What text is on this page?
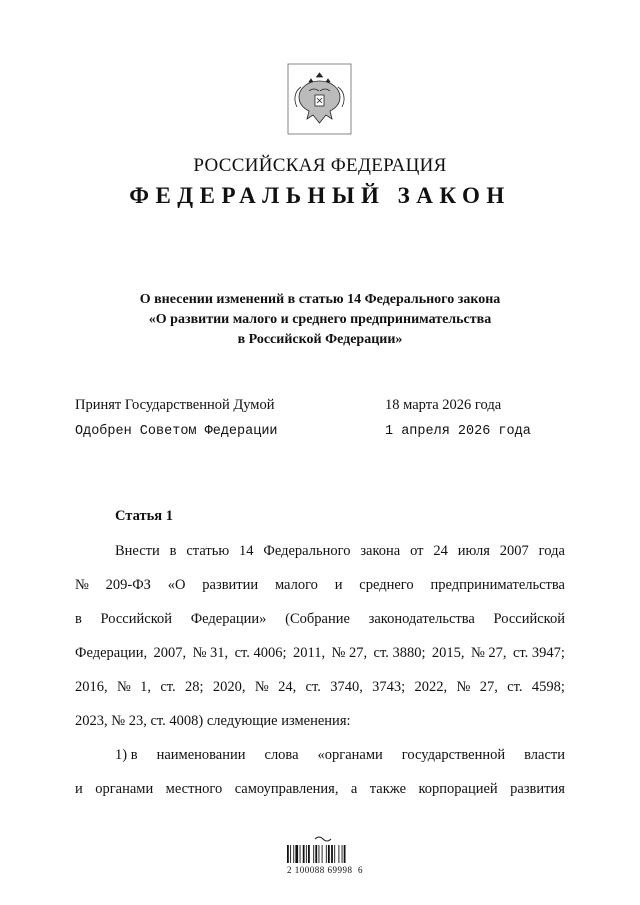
РОССИЙСКАЯ ФЕДЕРАЦИЯ
ФЕДЕРАЛЬНЫЙ ЗАКОН
О внесении изменений в статью 14 Федерального закона
«О развитии малого и среднего предпринимательства
в Российской Федерации»
Принят Государственной Думой	18 марта 2026 года
Одобрен Советом Федерации	1 апреля 2026 года
Статья 1
Внести в статью 14 Федерального закона от 24 июля 2007 года
№ 209-ФЗ «О развитии малого и среднего предпринимательства
в Российской Федерации» (Собрание законодательства Российской
Федерации, 2007, № 31, ст. 4006; 2011, № 27, ст. 3880; 2015, № 27, ст. 3947;
2016, № 1, ст. 28; 2020, № 24, ст. 3740, 3743; 2022, № 27, ст. 4598;
2023, № 23, ст. 4008) следующие изменения:
1) в наименовании слова «органами государственной власти
и органами местного самоуправления, а также корпорацией развития
2 100088 69998  6
